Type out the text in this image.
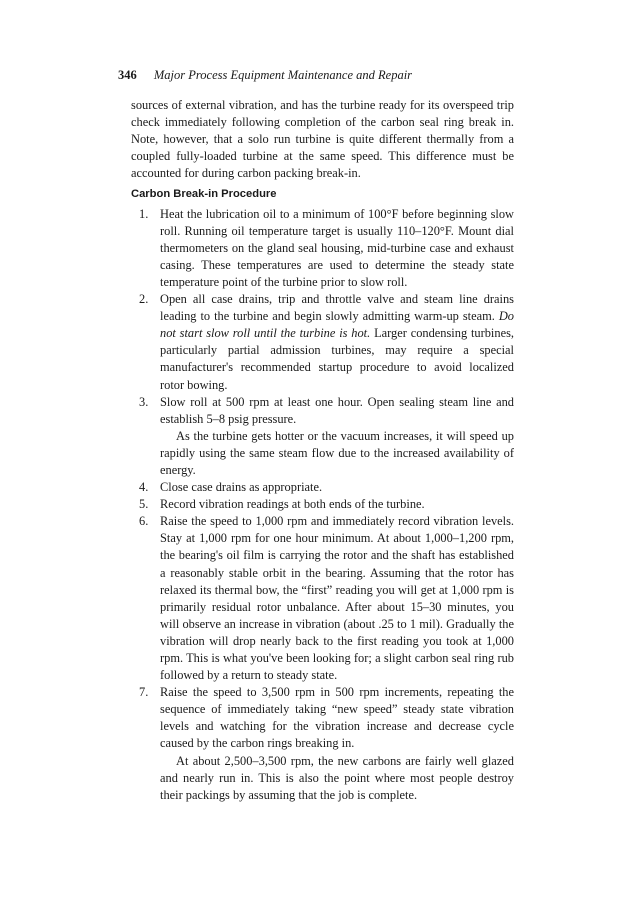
346 Major Process Equipment Maintenance and Repair

sources of external vibration, and has the turbine ready for its overspeed trip check immediately following completion of the carbon seal ring break in. Note, however, that a solo run turbine is quite different thermally from a coupled fully-loaded turbine at the same speed. This difference must be accounted for during carbon packing break-in.

Carbon Break-in Procedure
1. Heat the lubrication oil to a minimum of 100°F before beginning slow roll. Running oil temperature target is usually 110–120°F. Mount dial thermometers on the gland seal housing, mid-turbine case and exhaust casing. These temperatures are used to determine the steady state temperature point of the turbine prior to slow roll.
2. Open all case drains, trip and throttle valve and steam line drains leading to the turbine and begin slowly admitting warm-up steam. Do not start slow roll until the turbine is hot. Larger condensing turbines, particularly partial admission turbines, may require a special manufacturer's recommended startup procedure to avoid localized rotor bowing.
3. Slow roll at 500 rpm at least one hour. Open sealing steam line and establish 5–8 psig pressure.
As the turbine gets hotter or the vacuum increases, it will speed up rapidly using the same steam flow due to the increased availability of energy.
4. Close case drains as appropriate.
5. Record vibration readings at both ends of the turbine.
6. Raise the speed to 1,000 rpm and immediately record vibration levels. Stay at 1,000 rpm for one hour minimum. At about 1,000–1,200 rpm, the bearing's oil film is carrying the rotor and the shaft has established a reasonably stable orbit in the bearing. Assuming that the rotor has relaxed its thermal bow, the “first” reading you will get at 1,000 rpm is primarily residual rotor unbalance. After about 15–30 minutes, you will observe an increase in vibration (about .25 to 1 mil). Gradually the vibration will drop nearly back to the first reading you took at 1,000 rpm. This is what you've been looking for; a slight carbon seal ring rub followed by a return to steady state.
7. Raise the speed to 3,500 rpm in 500 rpm increments, repeating the sequence of immediately taking “new speed” steady state vibration levels and watching for the vibration increase and decrease cycle caused by the carbon rings breaking in.
At about 2,500–3,500 rpm, the new carbons are fairly well glazed and nearly run in. This is also the point where most people destroy their packings by assuming that the job is complete.
